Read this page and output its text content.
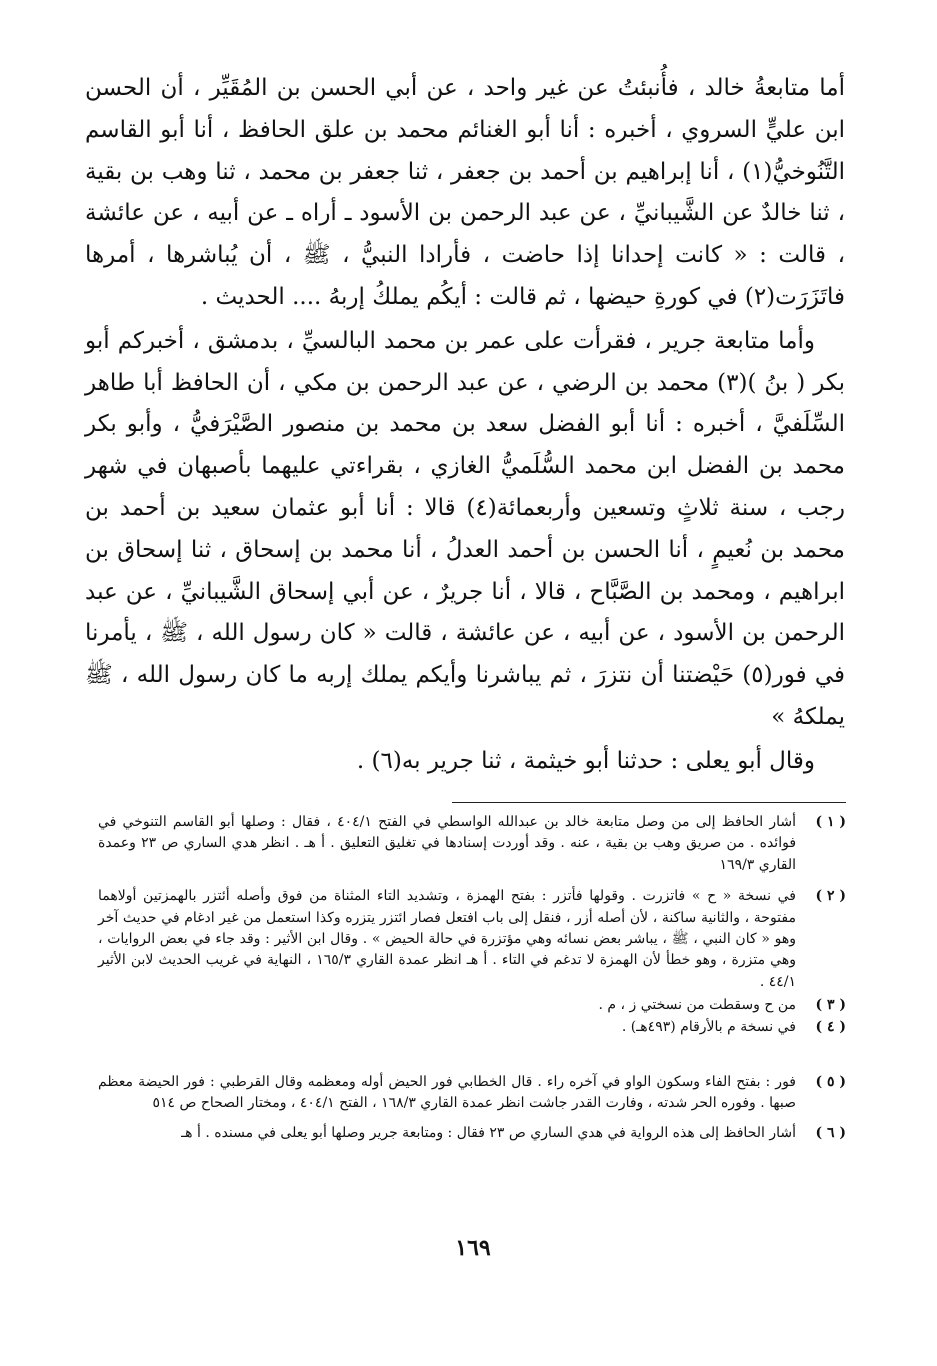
أما متابعةُ خالد ، فأُنبئتُ عن غير واحد ، عن أبي الحسن بن المُقَيِّر ، أن الحسن ابن عليٍّ السروي ، أخبره : أنا أبو الغنائم محمد بن علق الحافظ ، أنا أبو القاسم التَّنُوخيُّ(١) ، أنا إبراهيم بن أحمد بن جعفر ، ثنا جعفر بن محمد ، ثنا وهب بن بقية ، ثنا خالدٌ عن الشَّيبانيِّ ، عن عبد الرحمن بن الأسود ـ أراه ـ عن أبيه ، عن عائشة ، قالت : « كانت إحدانا إذا حاضت ، فأرادا النبيُّ ، ﷺ ، أن يُباشرها ، أمرها فاتَزَرَت(٢) في كورةِ حيضها ، ثم قالت : أيكُم يملكُ إربهُ .... الحديث .

وأما متابعة جرير ، فقرأت على عمر بن محمد البالسيِّ ، بدمشق ، أخبركم أبو بكر ( بنُ )(٣) محمد بن الرضي ، عن عبد الرحمن بن مكي ، أن الحافظ أبا طاهر السِّلَفيَّ ، أخبره : أنا أبو الفضل سعد بن محمد بن منصور الصَّيْرَفيُّ ، وأبو بكر محمد بن الفضل ابن محمد السُّلَميُّ الغازي ، بقراءتي عليهما بأصبهان في شهر رجب ، سنة ثلاثٍ وتسعين وأربعمائة(٤) قالا : أنا أبو عثمان سعيد بن أحمد بن محمد بن نُعيمٍ ، أنا الحسن بن أحمد العدلُ ، أنا محمد بن إسحاق ، ثنا إسحاق بن ابراهيم ، ومحمد بن الصَّبَّاح ، قالا ، أنا جريرٌ ، عن أبي إسحاق الشَّيبانيِّ ، عن عبد الرحمن بن الأسود ، عن أبيه ، عن عائشة ، قالت « كان رسول الله ، ﷺ ، يأمرنا في فور(٥) حَيْضتنا أن نتزرَ ، ثم يباشرنا وأيكم يملك إربه ما كان رسول الله ، ﷺ يملكهُ »

وقال أبو يعلى : حدثنا أبو خيثمة ، ثنا جرير به(٦) .

( ١ )
أشار الحافظ إلى من وصل متابعة خالد بن عبدالله الواسطي في الفتح ٤٠٤/١ ، فقال : وصلها أبو القاسم التنوخي في فوائده . من صريق وهب بن بقية ، عنه . وقد أوردت إسنادها في تغليق التعليق . أ هـ . انظر هدي الساري ص ٢٣ وعمدة القاري ١٦٩/٣
( ٢ )
في نسخة « ح » فاتزرت . وقولها فأتزر : بفتح الهمزة ، وتشديد التاء المثناة من فوق وأصله أئتزر بالهمزتين أولاهما مفتوحة ، والثانية ساكنة ، لأن أصله أزر ، فنقل إلى باب افتعل فصار ائتزر يتزره وكذا استعمل من غير ادغام في حديث آخر وهو « كان النبي ، ﷺ ، يباشر بعض نسائه وهي مؤتزرة في حالة الحيض » . وقال ابن الأثير : وقد جاء في بعض الروايات ، وهي متزرة ، وهو خطأ لأن الهمزة لا تدغم في التاء . أ هـ انظر عمدة القاري ١٦٥/٣ ، النهاية في غريب الحديث لابن الأثير ٤٤/١ .
( ٣ )
من ح وسقطت من نسختي ز ، م .
( ٤ )
في نسخة م بالأرقام (٤٩٣هـ) .
( ٥ )
فور : بفتح الفاء وسكون الواو في آخره راء . قال الخطابي فور الحيض أوله ومعظمه وقال القرطبي : فور الحيضة معظم صبها . وفوره الحر شدته ، وفارت القدر جاشت انظر عمدة القاري ١٦٨/٣ ، الفتح ٤٠٤/١ ، ومختار الصحاح ص ٥١٤
( ٦ )
أشار الحافظ إلى هذه الرواية في هدي الساري ص ٢٣ فقال : ومتابعة جرير وصلها أبو يعلى في مسنده . أ هـ
١٦٩
